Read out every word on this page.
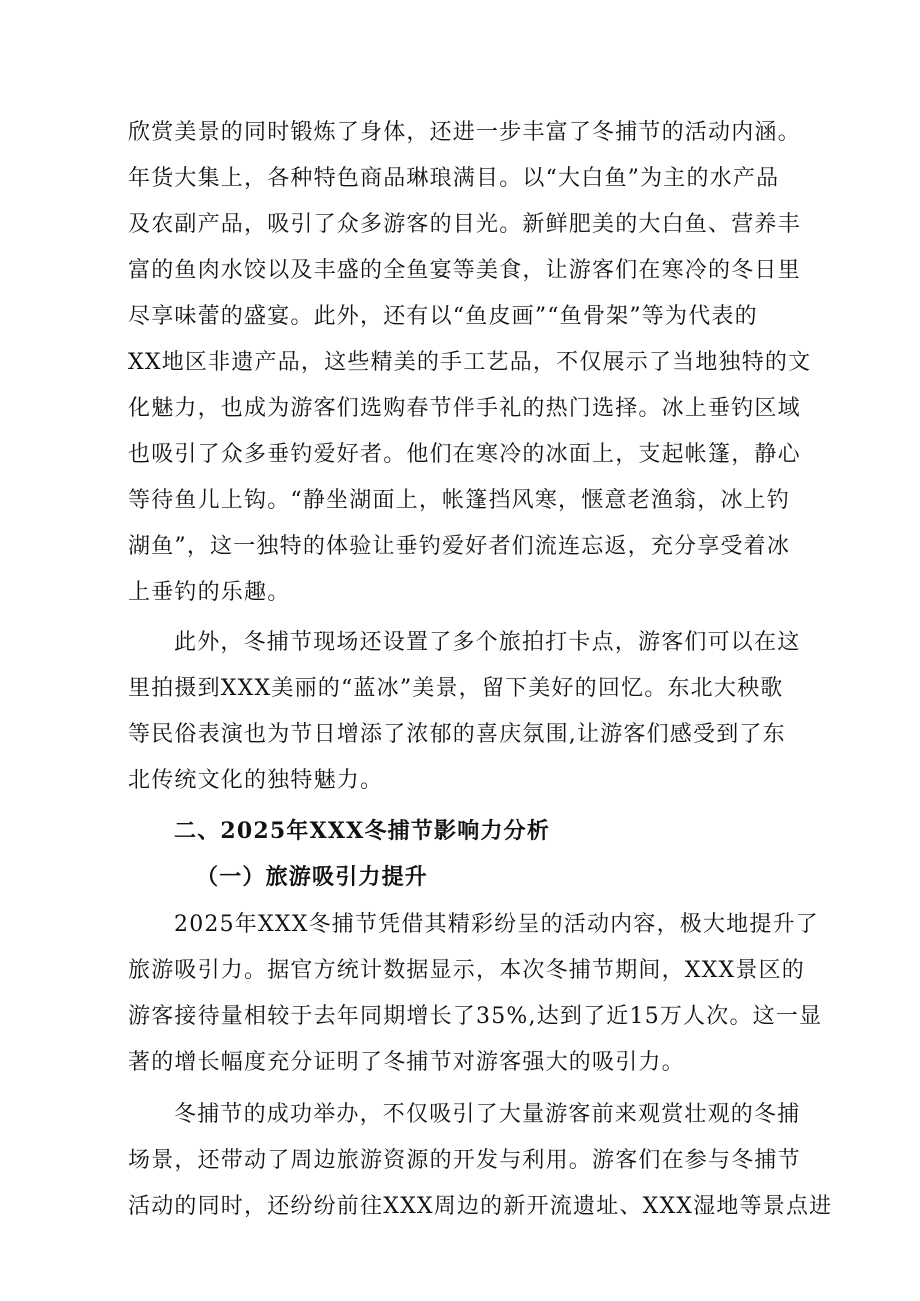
欣赏美景的同时锻炼了身体，还进一步丰富了冬捕节的活动内涵。
年货大集上，各种特色商品琳琅满目。以“大白鱼”为主的水产品
及农副产品，吸引了众多游客的目光。新鲜肥美的大白鱼、营养丰
富的鱼肉水饺以及丰盛的全鱼宴等美食，让游客们在寒冷的冬日里
尽享味蕾的盛宴。此外，还有以“鱼皮画”“鱼骨架”等为代表的
XX地区非遗产品，这些精美的手工艺品，不仅展示了当地独特的文
化魅力，也成为游客们选购春节伴手礼的热门选择。冰上垂钓区域
也吸引了众多垂钓爱好者。他们在寒冷的冰面上，支起帐篷，静心
等待鱼儿上钩。“静坐湖面上，帐篷挡风寒，惬意老渔翁，冰上钓
湖鱼”，这一独特的体验让垂钓爱好者们流连忘返，充分享受着冰
上垂钓的乐趣。
此外，冬捕节现场还设置了多个旅拍打卡点，游客们可以在这
里拍摄到XXX美丽的“蓝冰”美景，留下美好的回忆。东北大秧歌
等民俗表演也为节日增添了浓郁的喜庆氛围,让游客们感受到了东
北传统文化的独特魅力。
二、2025年XXX冬捕节影响力分析
（一）旅游吸引力提升
2025年XXX冬捕节凭借其精彩纷呈的活动内容，极大地提升了
旅游吸引力。据官方统计数据显示，本次冬捕节期间，XXX景区的
游客接待量相较于去年同期增长了35%,达到了近15万人次。这一显
著的增长幅度充分证明了冬捕节对游客强大的吸引力。
冬捕节的成功举办，不仅吸引了大量游客前来观赏壮观的冬捕
场景，还带动了周边旅游资源的开发与利用。游客们在参与冬捕节
活动的同时，还纷纷前往XXX周边的新开流遗址、XXX湿地等景点进
